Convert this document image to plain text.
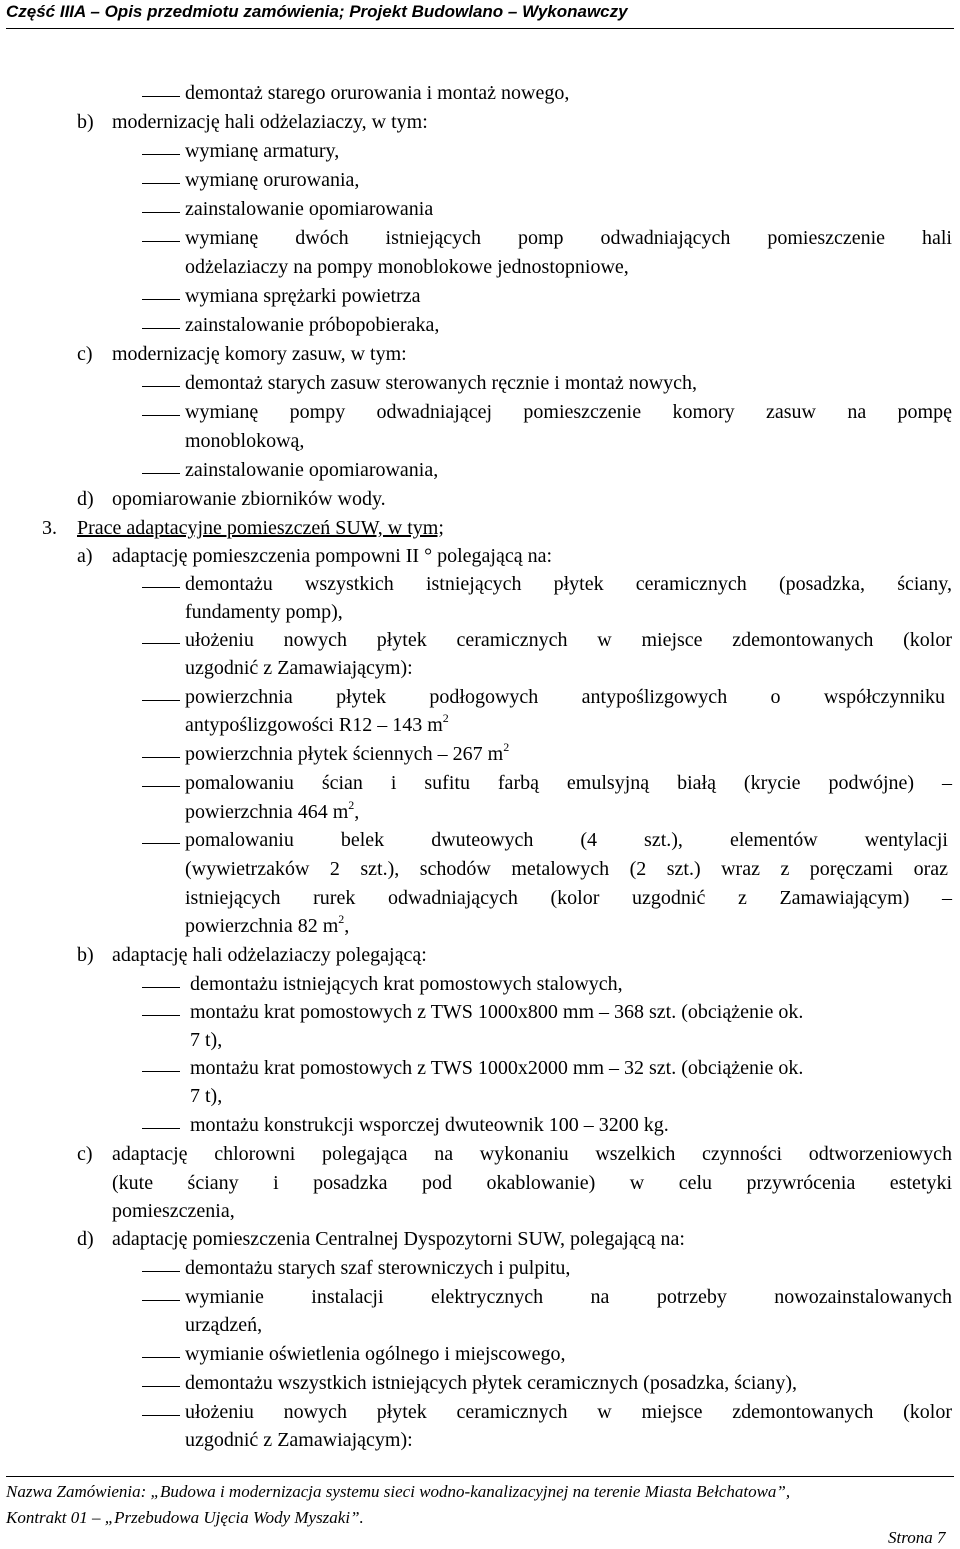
Część IIIA – Opis przedmiotu zamówienia; Projekt Budowlano – Wykonawczy
demontaż starego orurowania i montaż nowego,
b) modernizację hali odżelaziaczy, w tym:
wymianę armatury,
wymianę orurowania,
zainstalowanie opomiarowania
wymianę dwóch istniejących pomp odwadniających pomieszczenie hali
odżelaziaczy na pompy monoblokowe jednostopniowe,
wymiana sprężarki powietrza
zainstalowanie próbopobieraka,
c) modernizację komory zasuw, w tym:
demontaż starych zasuw sterowanych ręcznie i montaż nowych,
wymianę pompy odwadniającej pomieszczenie komory zasuw na pompę
monoblokową,
zainstalowanie opomiarowania,
d) opomiarowanie zbiorników wody.
3. Prace adaptacyjne pomieszczeń SUW, w tym;
a) adaptację pomieszczenia pompowni II ° polegającą na:
demontażu wszystkich istniejących płytek ceramicznych (posadzka, ściany,
fundamenty pomp),
ułożeniu nowych płytek ceramicznych w miejsce zdemontowanych (kolor
uzgodnić z Zamawiającym):
powierzchnia płytek podłogowych antypoślizgowych o współczynniku
antypoślizgowości R12 – 143 $m^2$
powierzchnia płytek ściennych – 267 $m^2$
pomalowaniu ścian i sufitu farbą emulsyjną białą (krycie podwójne) –
powierzchnia 464 $m^2$,
pomalowaniu belek dwuteowych (4 szt.), elementów wentylacji
(wywietrzaków 2 szt.), schodów metalowych (2 szt.) wraz z poręczami oraz
istniejących rurek odwadniających (kolor uzgodnić z Zamawiającym) –
powierzchnia 82 $m^2$,
b) adaptację hali odżelaziaczy polegającą:
demontażu istniejących krat pomostowych stalowych,
montażu krat pomostowych z TWS 1000x800 mm – 368 szt. (obciążenie ok.
7 t),
montażu krat pomostowych z TWS 1000x2000 mm – 32 szt. (obciążenie ok.
7 t),
montażu konstrukcji wsporczej dwuteownik 100 – 3200 kg.
c) adaptację chlorowni polegająca na wykonaniu wszelkich czynności odtworzeniowych
(kute ściany i posadzka pod okablowanie) w celu przywrócenia estetyki
pomieszczenia,
d) adaptację pomieszczenia Centralnej Dyspozytorni SUW, polegającą na:
demontażu starych szaf sterowniczych i pulpitu,
wymianie instalacji elektrycznych na potrzeby nowozainstalowanych
urządzeń,
wymianie oświetlenia ogólnego i miejscowego,
demontażu wszystkich istniejących płytek ceramicznych (posadzka, ściany),
ułożeniu nowych płytek ceramicznych w miejsce zdemontowanych (kolor
uzgodnić z Zamawiającym):
Nazwa Zamówienia: „Budowa i modernizacja systemu sieci wodno-kanalizacyjnej na terenie Miasta Bełchatowa”,
Kontrakt 01 – „Przebudowa Ujęcia Wody Myszaki”.
Strona 7
